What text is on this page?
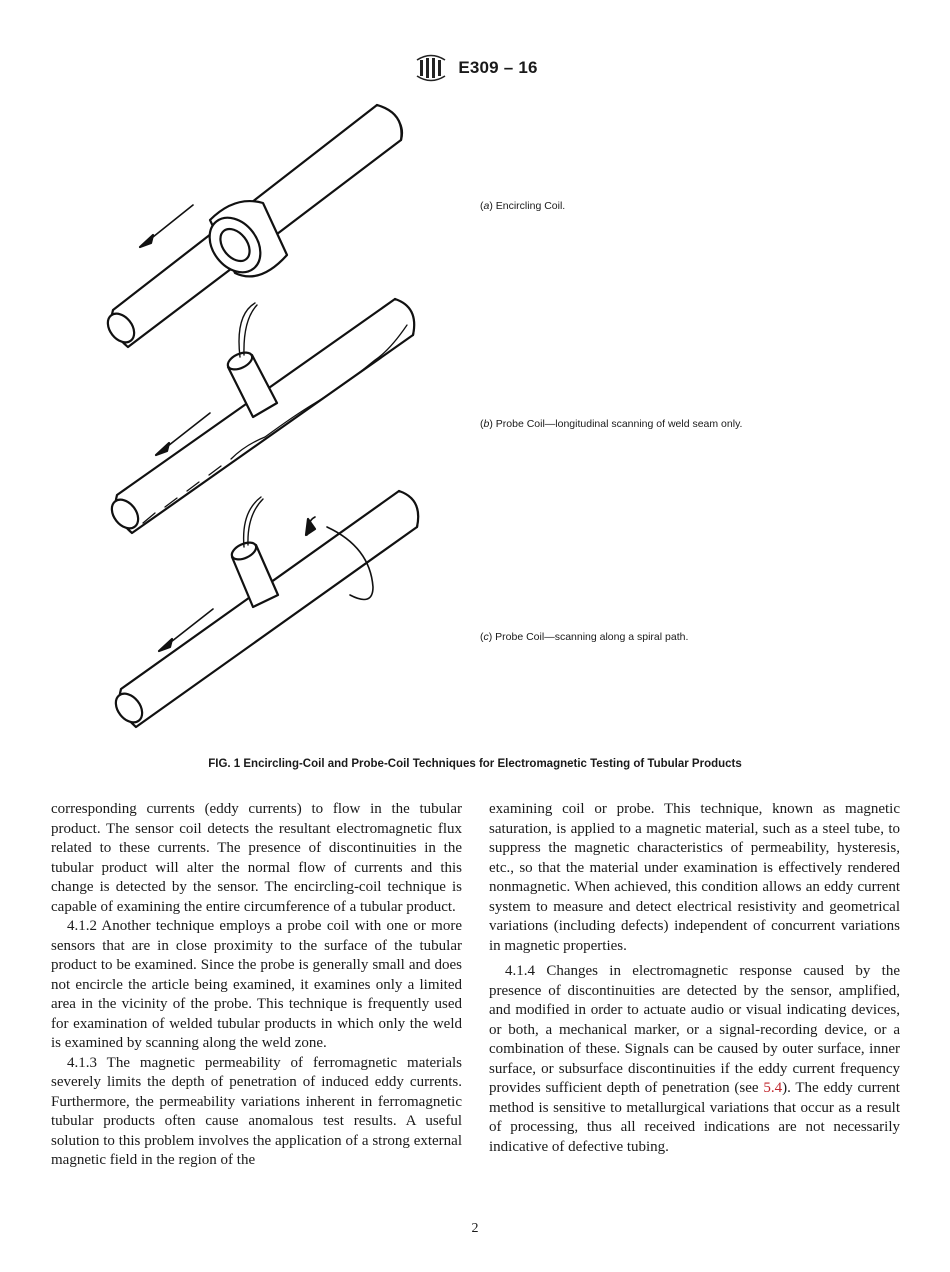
E309 – 16
(a) Encircling Coil.
(b) Probe Coil—longitudinal scanning of weld seam only.
(c) Probe Coil—scanning along a spiral path.
FIG. 1 Encircling-Coil and Probe-Coil Techniques for Electromagnetic Testing of Tubular Products

corresponding currents (eddy currents) to flow in the tubular product. The sensor coil detects the resultant electromagnetic flux related to these currents. The presence of discontinuities in the tubular product will alter the normal flow of currents and this change is detected by the sensor. The encircling-coil technique is capable of examining the entire circumference of a tubular product.

4.1.2 Another technique employs a probe coil with one or more sensors that are in close proximity to the surface of the tubular product to be examined. Since the probe is generally small and does not encircle the article being examined, it examines only a limited area in the vicinity of the probe. This technique is frequently used for examination of welded tubular products in which only the weld is examined by scanning along the weld zone.

4.1.3 The magnetic permeability of ferromagnetic materials severely limits the depth of penetration of induced eddy currents. Furthermore, the permeability variations inherent in ferromagnetic tubular products often cause anomalous test results. A useful solution to this problem involves the application of a strong external magnetic field in the region of the

examining coil or probe. This technique, known as magnetic saturation, is applied to a magnetic material, such as a steel tube, to suppress the magnetic characteristics of permeability, hysteresis, etc., so that the material under examination is effectively rendered nonmagnetic. When achieved, this condition allows an eddy current system to measure and detect electrical resistivity and geometrical variations (including defects) independent of concurrent variations in magnetic properties.

4.1.4 Changes in electromagnetic response caused by the presence of discontinuities are detected by the sensor, amplified, and modified in order to actuate audio or visual indicating devices, or both, a mechanical marker, or a signal-recording device, or a combination of these. Signals can be caused by outer surface, inner surface, or subsurface discontinuities if the eddy current frequency provides sufficient depth of penetration (see 5.4). The eddy current method is sensitive to metallurgical variations that occur as a result of processing, thus all received indications are not necessarily indicative of defective tubing.

2
